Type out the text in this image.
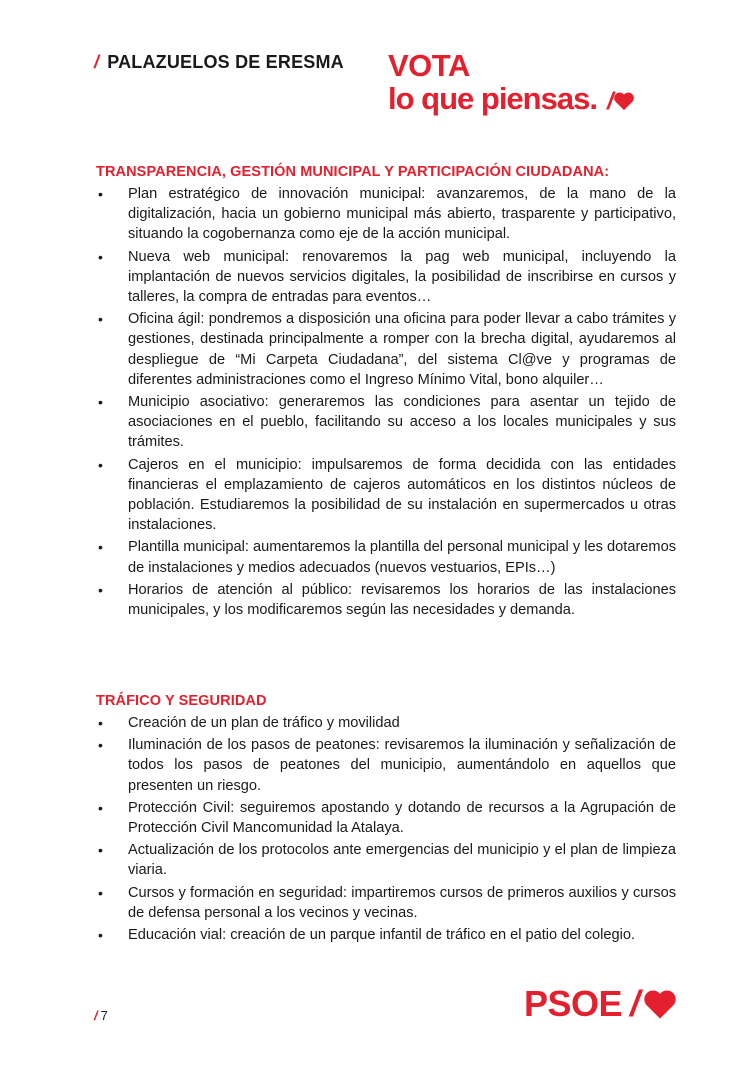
/ PALAZUELOS DE ERESMA VOTA
lo que piensas. /
TRANSPARENCIA, GESTIÓN MUNICIPAL Y PARTICIPACIÓN CIUDADANA:
• Plan estratégico de innovación municipal: avanzaremos, de la mano de la digitalización, hacia un gobierno municipal más abierto, trasparente y participativo, situando la cogobernanza como eje de la acción municipal.
• Nueva web municipal: renovaremos la pag web municipal, incluyendo la implantación de nuevos servicios digitales, la posibilidad de inscribirse en cursos y talleres, la compra de entradas para eventos…
• Oficina ágil: pondremos a disposición una oficina para poder llevar a cabo trámites y gestiones, destinada principalmente a romper con la brecha digital, ayudaremos al despliegue de “Mi Carpeta Ciudadana”, del sistema Cl@ve y programas de diferentes administraciones como el Ingreso Mínimo Vital, bono alquiler…
• Municipio asociativo: generaremos las condiciones para asentar un tejido de asociaciones en el pueblo, facilitando su acceso a los locales municipales y sus trámites.
• Cajeros en el municipio: impulsaremos de forma decidida con las entidades financieras el emplazamiento de cajeros automáticos en los distintos núcleos de población. Estudiaremos la posibilidad de su instalación en supermercados u otras instalaciones.
• Plantilla municipal: aumentaremos la plantilla del personal municipal y les dotaremos de instalaciones y medios adecuados (nuevos vestuarios, EPIs…)
• Horarios de atención al público: revisaremos los horarios de las instalaciones municipales, y los modificaremos según las necesidades y demanda.
TRÁFICO Y SEGURIDAD
• Creación de un plan de tráfico y movilidad
• Iluminación de los pasos de peatones: revisaremos la iluminación y señalización de todos los pasos de peatones del municipio, aumentándolo en aquellos que presenten un riesgo.
• Protección Civil: seguiremos apostando y dotando de recursos a la Agrupación de Protección Civil Mancomunidad la Atalaya.
• Actualización de los protocolos ante emergencias del municipio y el plan de limpieza viaria.
• Cursos y formación en seguridad: impartiremos cursos de primeros auxilios y cursos de defensa personal a los vecinos y vecinas.
• Educación vial: creación de un parque infantil de tráfico en el patio del colegio.
/ 7	PSOE /
